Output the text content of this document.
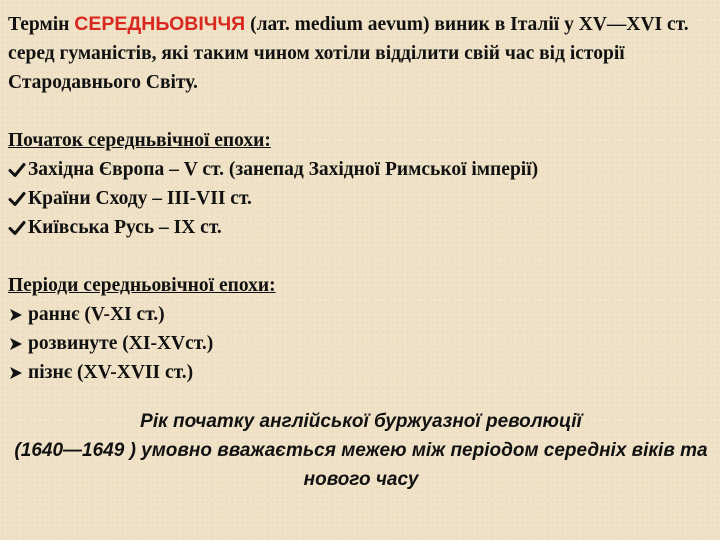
Термін СЕРЕДНЬОВІЧЧЯ (лат. medium aevum) виник в Італії у XV—XVI ст. серед гуманістів, які таким чином хотіли відділити свій час від історії Стародавнього Світу.

Початок середньвічної епохи:
Західна Європа – V ст. (занепад Західної Римської імперії)
Країни Сходу – III-VII ст.
Київська Русь – IX ст.
Періоди середньовічної епохи:
раннє (V-XI ст.)
розвинуте (XI-XVст.)
пізнє (XV-XVII ст.)
Рік початку англійської буржуазної революції
(1640—1649 ) умовно вважається межею між періодом середніх віків та нового часу
